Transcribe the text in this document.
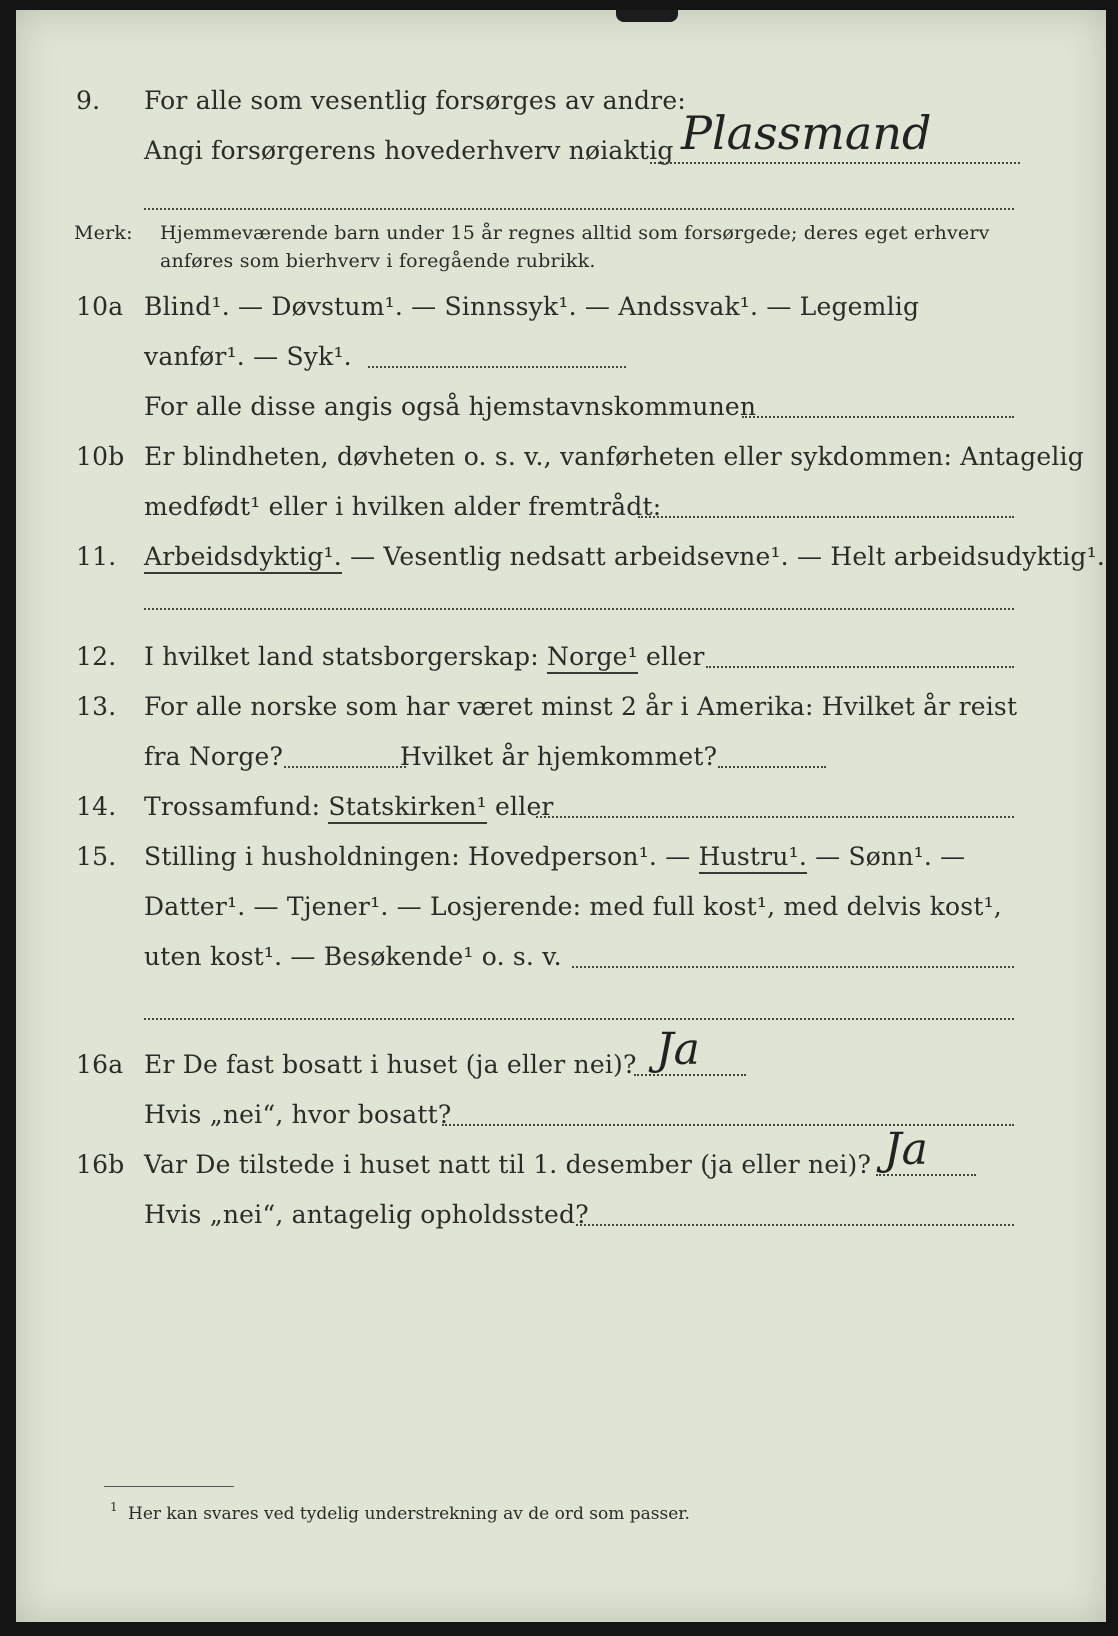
9. For alle som vesentlig forsørges av andre:
Angi forsørgerens hovederhverv nøiaktig Plassmand
Merk: Hjemmeværende barn under 15 år regnes alltid som forsørgede; deres eget erhverv
anføres som bierhverv i foregående rubrikk.
10a Blind¹. — Døvstum¹. — Sinnssyk¹. — Andssvak¹. — Legemlig
vanfør¹. — Syk¹.
For alle disse angis også hjemstavnskommunen
10b Er blindheten, døvheten o. s. v., vanførheten eller sykdommen: Antagelig
medfødt¹ eller i hvilken alder fremtrådt:
11. Arbeidsdyktig¹. — Vesentlig nedsatt arbeidsevne¹. — Helt arbeidsudyktig¹.
12. I hvilket land statsborgerskap: Norge¹ eller
13. For alle norske som har været minst 2 år i Amerika: Hvilket år reist
fra Norge?	Hvilket år hjemkommet?
14. Trossamfund: Statskirken¹ eller
15. Stilling i husholdningen: Hovedperson¹. — Hustru¹. — Sønn¹. —
Datter¹. — Tjener¹. — Losjerende: med full kost¹, med delvis kost¹,
uten kost¹. — Besøkende¹ o. s. v.
16a Er De fast bosatt i huset (ja eller nei)? Ja
Hvis „nei“, hvor bosatt?
16b Var De tilstede i huset natt til 1. desember (ja eller nei)? Ja
Hvis „nei“, antagelig opholdssted?
1 Her kan svares ved tydelig understrekning av de ord som passer.
